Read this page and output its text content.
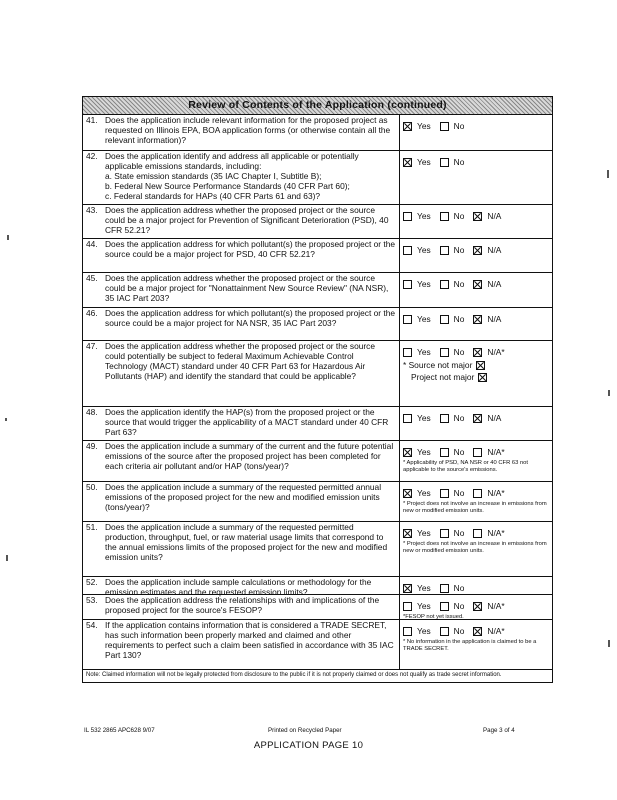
Review of Contents of the Application (continued)
41. Does the application include relevant information for the proposed project as requested on Illinois EPA, BOA application forms (or otherwise contain all the relevant information)?
Yes	No
42. Does the application identify and address all applicable or potentially applicable emissions standards, including:
a. State emission standards (35 IAC Chapter I, Subtitle B);
b. Federal New Source Performance Standards (40 CFR Part 60);
c. Federal standards for HAPs (40 CFR Parts 61 and 63)?
Yes	No
43. Does the application address whether the proposed project or the source could be a major project for Prevention of Significant Deterioration (PSD), 40 CFR 52.21?
Yes	No	N/A
44. Does the application address for which pollutant(s) the proposed project or the source could be a major project for PSD, 40 CFR 52.21?	Yes	No	N/A
45. Does the application address whether the proposed project or the source could be a major project for "Nonattainment New Source Review" (NA NSR), 35 IAC Part 203?
Yes	No	N/A
46. Does the application address for which pollutant(s) the proposed project or the source could be a major project for NA NSR, 35 IAC Part 203?	Yes	No	N/A
47. Does the application address whether the proposed project or the source could potentially be subject to federal Maximum Achievable Control Technology (MACT) standard under 40 CFR Part 63 for Hazardous Air Pollutants (HAP) and identify the standard that could be applicable?
Yes	No	N/A*
* Source not major
Project not major
48. Does the application identify the HAP(s) from the proposed project or the source that would trigger the applicability of a MACT standard under 40 CFR Part 63?
Yes	No	N/A
49. Does the application include a summary of the current and the future potential emissions of the source after the proposed project has been completed for each criteria air pollutant and/or HAP (tons/year)?
Yes	No	N/A*
* Applicability of PSD, NA NSR or 40 CFR 63 not applicable to the source's emissions.
50. Does the application include a summary of the requested permitted annual emissions of the proposed project for the new and modified emission units (tons/year)?
Yes	No	N/A*
* Project does not involve an increase in emissions from new or modified emission units.
51. Does the application include a summary of the requested permitted production, throughput, fuel, or raw material usage limits that correspond to the annual emissions limits of the proposed project for the new and modified emission units?
Yes	No	N/A*
* Project does not involve an increase in emissions from new or modified emission units.
52. Does the application include sample calculations or methodology for the emission estimates and the requested emission limits?	Yes	No
53. Does the application address the relationships with and implications of the proposed project for the source's FESOP?	Yes	No	N/A*
*FESOP not yet issued.
54. If the application contains information that is considered a TRADE SECRET, has such information been properly marked and claimed and other requirements to perfect such a claim been satisfied in accordance with 35 IAC Part 130?
Yes	No	N/A*
* No information in the application is claimed to be a TRADE SECRET.
Note: Claimed information will not be legally protected from disclosure to the public if it is not properly claimed or does not qualify as trade secret information.
IL 532 2865 APC628 9/07	Printed on Recycled Paper	Page 3 of 4
APPLICATION PAGE 10
